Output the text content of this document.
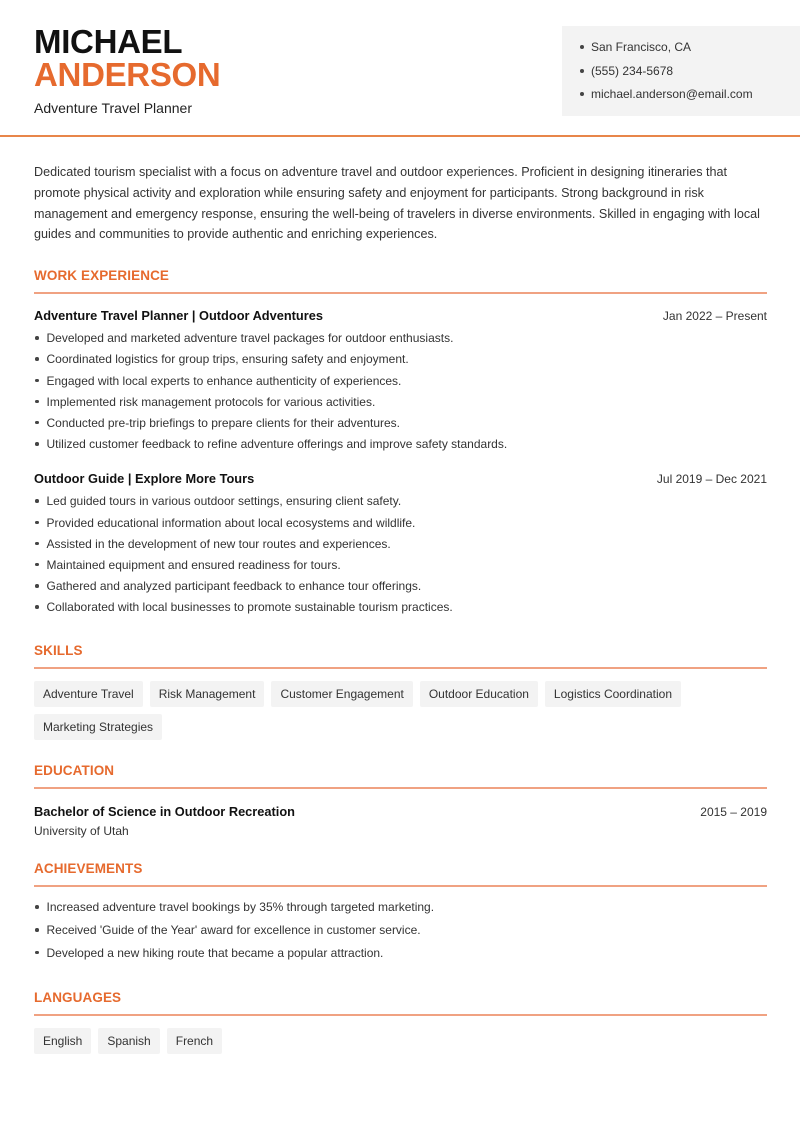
MICHAEL
ANDERSON
Adventure Travel Planner
San Francisco, CA
(555) 234-5678
michael.anderson@email.com

Dedicated tourism specialist with a focus on adventure travel and outdoor experiences. Proficient in designing itineraries that promote physical activity and exploration while ensuring safety and enjoyment for participants. Strong background in risk management and emergency response, ensuring the well-being of travelers in diverse environments. Skilled in engaging with local guides and communities to provide authentic and enriching experiences.

WORK EXPERIENCE
Adventure Travel Planner | Outdoor Adventures	Jan 2022 – Present
Developed and marketed adventure travel packages for outdoor enthusiasts.
Coordinated logistics for group trips, ensuring safety and enjoyment.
Engaged with local experts to enhance authenticity of experiences.
Implemented risk management protocols for various activities.
Conducted pre-trip briefings to prepare clients for their adventures.
Utilized customer feedback to refine adventure offerings and improve safety standards.
Outdoor Guide | Explore More Tours	Jul 2019 – Dec 2021
Led guided tours in various outdoor settings, ensuring client safety.
Provided educational information about local ecosystems and wildlife.
Assisted in the development of new tour routes and experiences.
Maintained equipment and ensured readiness for tours.
Gathered and analyzed participant feedback to enhance tour offerings.
Collaborated with local businesses to promote sustainable tourism practices.
SKILLS
Adventure Travel	Risk Management	Customer Engagement	Outdoor Education	Logistics Coordination
Marketing Strategies
EDUCATION
Bachelor of Science in Outdoor Recreation	2015 – 2019
University of Utah
ACHIEVEMENTS
Increased adventure travel bookings by 35% through targeted marketing.
Received 'Guide of the Year' award for excellence in customer service.
Developed a new hiking route that became a popular attraction.
LANGUAGES
English	Spanish	French
